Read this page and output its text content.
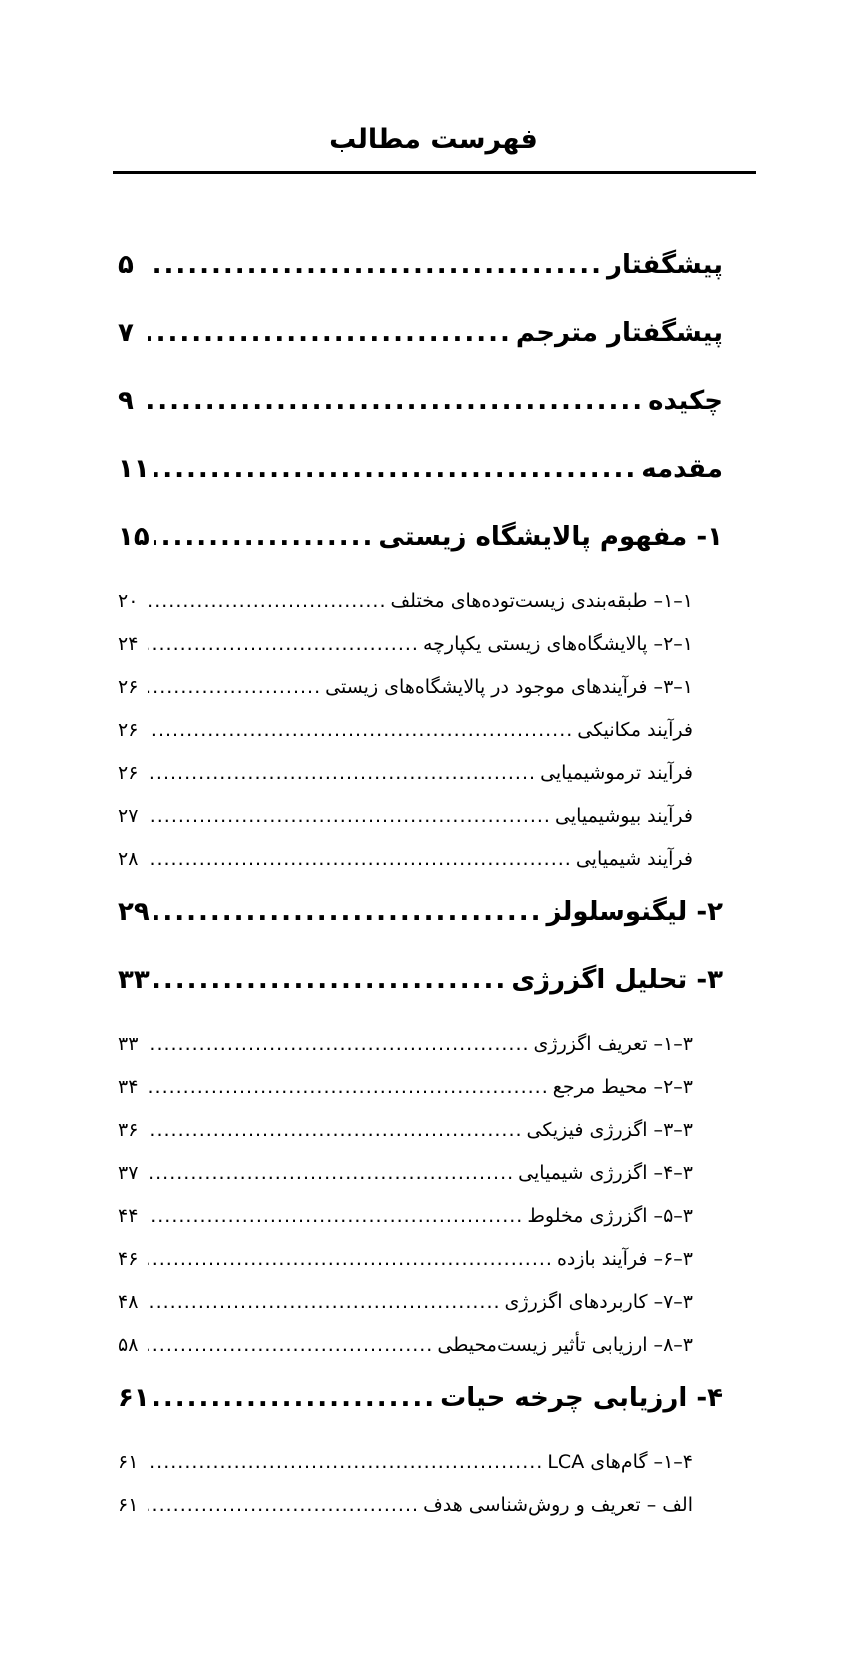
فهرست مطالب
پیشگفتار
.....
۵
پیشگفتار مترجم
.....
۷
چکیده
.....
۹
مقدمه
.....
۱۱
۱- مفهوم پالایشگاه زیستی
.....
۱۵
۱–۱– طبقه‌بندی زیست‌توده‌های مختلف
.....
۲۰
۱–۲– پالایشگاه‌های زیستی یکپارچه
.....
۲۴
۱–۳– فرآیندهای موجود در پالایشگاه‌های زیستی
.....
۲۶
فرآیند مکانیکی
.....
۲۶
فرآیند ترموشیمیایی
.....
۲۶
فرآیند بیوشیمیایی
.....
۲۷
فرآیند شیمیایی
.....
۲۸
۲- لیگنوسلولز
.....
۲۹
۳- تحلیل اگزرژی
.....
۳۳
۳–۱– تعریف اگزرژی
.....
۳۳
۳–۲– محیط مرجع
.....
۳۴
۳–۳– اگزرژی فیزیکی
.....
۳۶
۳–۴– اگزرژی شیمیایی
.....
۳۷
۳–۵– اگزرژی مخلوط
.....
۴۴
۳–۶– فرآیند بازده
.....
۴۶
۳–۷– کاربردهای اگزرژی
.....
۴۸
۳–۸– ارزیابی تأثیر زیست‌محیطی
.....
۵۸
۴- ارزیابی چرخه حیات
.....
۶۱
۴–۱– گام‌های LCA
.....
۶۱
الف – تعریف و روش‌شناسی هدف
.....
۶۱
